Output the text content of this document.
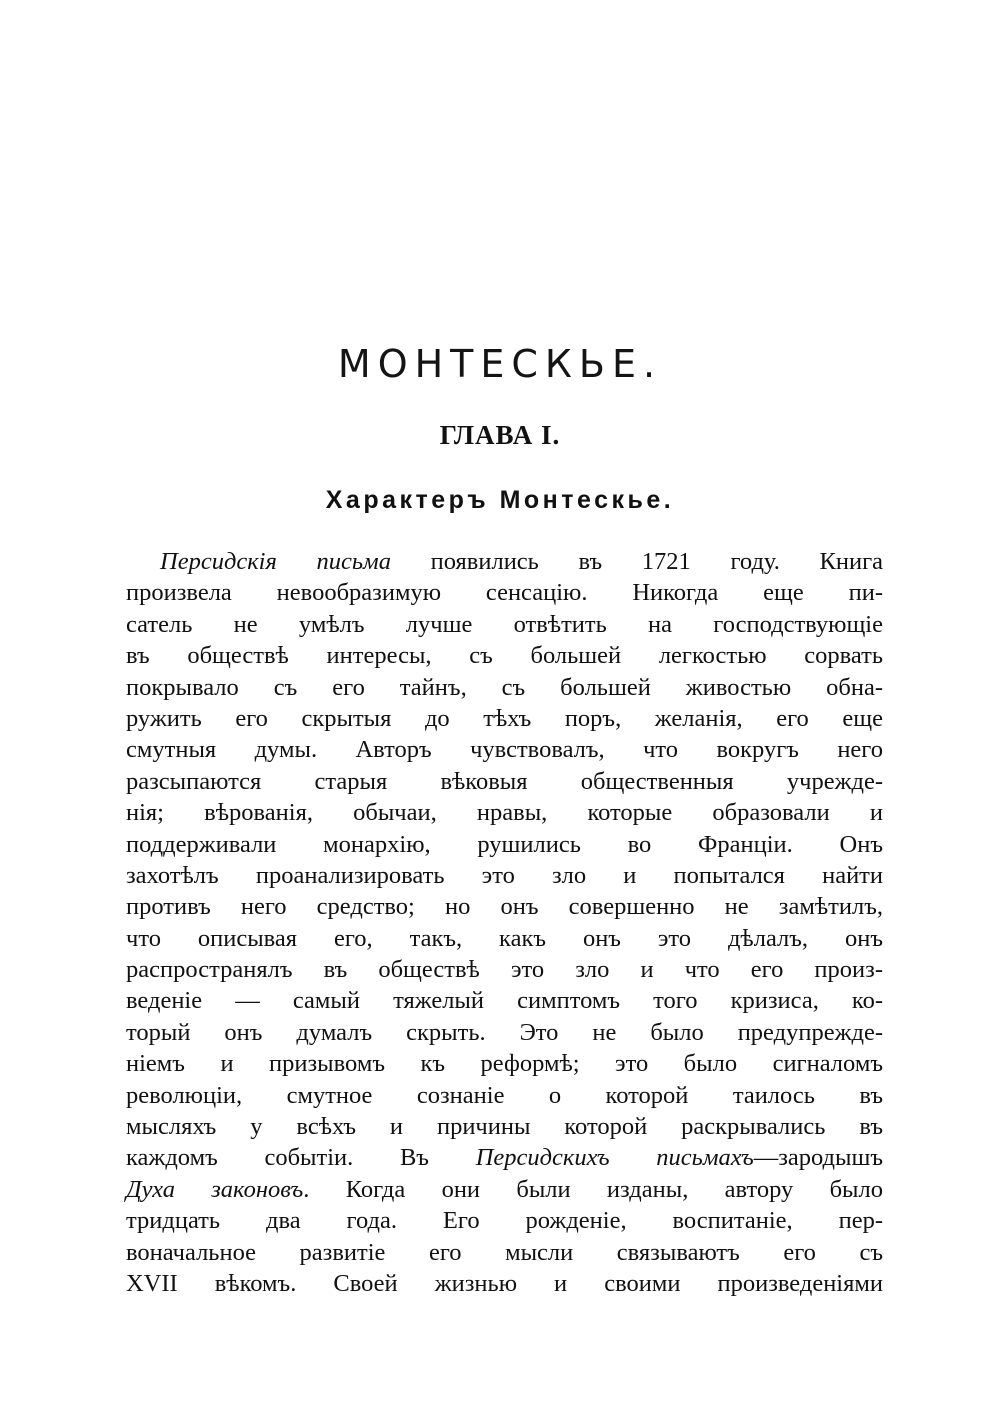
МОНТЕСКЬЕ.
ГЛАВА I.
Характеръ Монтескье.
Персидскія письма появились въ 1721 году. Книга
произвела невообразимую сенсацію. Никогда еще пи-
сатель не умѣлъ лучше отвѣтить на господствующіе
въ обществѣ интересы, съ большей легкостью сорвать
покрывало съ его тайнъ, съ большей живостью обна-
ружить его скрытыя до тѣхъ поръ, желанія, его еще
смутныя думы. Авторъ чувствовалъ, что вокругъ него
разсыпаются старыя вѣковыя общественныя учрежде-
нія; вѣрованія, обычаи, нравы, которые образовали и
поддерживали монархію, рушились во Франціи. Онъ
захотѣлъ проанализировать это зло и попытался найти
противъ него средство; но онъ совершенно не замѣтилъ,
что описывая его, такъ, какъ онъ это дѣлалъ, онъ
распространялъ въ обществѣ это зло и что его произ-
веденіе — самый тяжелый симптомъ того кризиса, ко-
торый онъ думалъ скрыть. Это не было предупрежде-
ніемъ и призывомъ къ реформѣ; это было сигналомъ
революціи, смутное сознаніе о которой таилось въ
мысляхъ у всѣхъ и причины которой раскрывались въ
каждомъ событіи. Въ Персидскихъ письмахъ—зародышъ
Духа законовъ. Когда они были изданы, автору было
тридцать два года. Его рожденіе, воспитаніе, пер-
воначальное развитіе его мысли связываютъ его съ
XVII вѣкомъ. Своей жизнью и своими произведеніями
